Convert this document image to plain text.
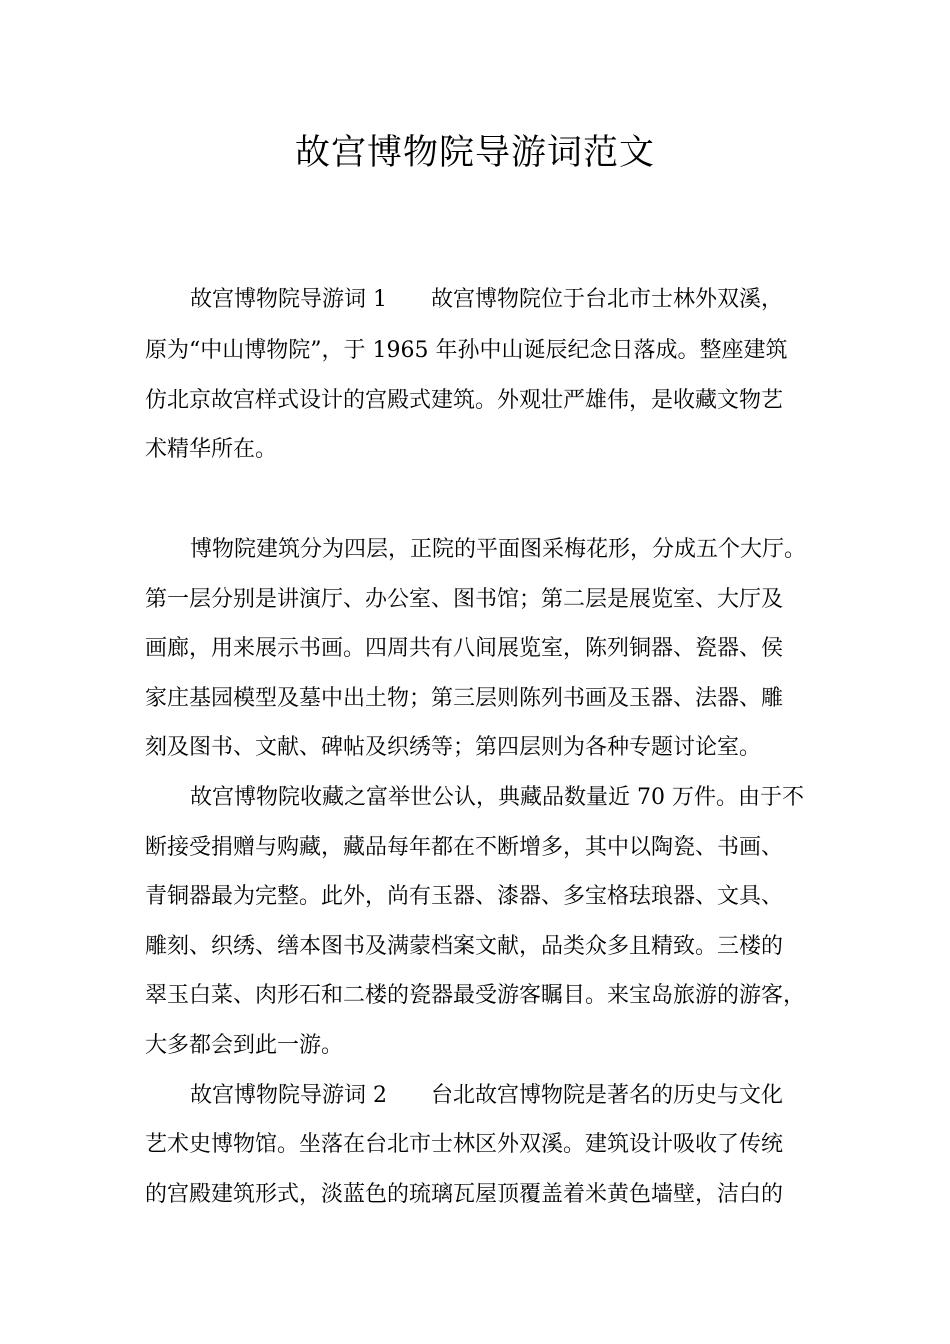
故宫博物院导游词范文

故宫博物院导游词 1　　故宫博物院位于台北市士林外双溪，

原为“中山博物院”，于 1965 年孙中山诞辰纪念日落成。整座建筑

仿北京故宫样式设计的宫殿式建筑。外观壮严雄伟，是收藏文物艺

术精华所在。

博物院建筑分为四层，正院的平面图采梅花形，分成五个大厅。

第一层分别是讲演厅、办公室、图书馆；第二层是展览室、大厅及

画廊，用来展示书画。四周共有八间展览室，陈列铜器、瓷器、侯

家庄基园模型及墓中出土物；第三层则陈列书画及玉器、法器、雕

刻及图书、文献、碑帖及织绣等；第四层则为各种专题讨论室。

故宫博物院收藏之富举世公认，典藏品数量近 70 万件。由于不

断接受捐赠与购藏，藏品每年都在不断增多，其中以陶瓷、书画、

青铜器最为完整。此外，尚有玉器、漆器、多宝格珐琅器、文具、

雕刻、织绣、缮本图书及满蒙档案文献，品类众多且精致。三楼的

翠玉白菜、肉形石和二楼的瓷器最受游客瞩目。来宝岛旅游的游客，

大多都会到此一游。

故宫博物院导游词 2　　台北故宫博物院是著名的历史与文化

艺术史博物馆。坐落在台北市士林区外双溪。建筑设计吸收了传统

的宫殿建筑形式，淡蓝色的琉璃瓦屋顶覆盖着米黄色墙壁，洁白的
